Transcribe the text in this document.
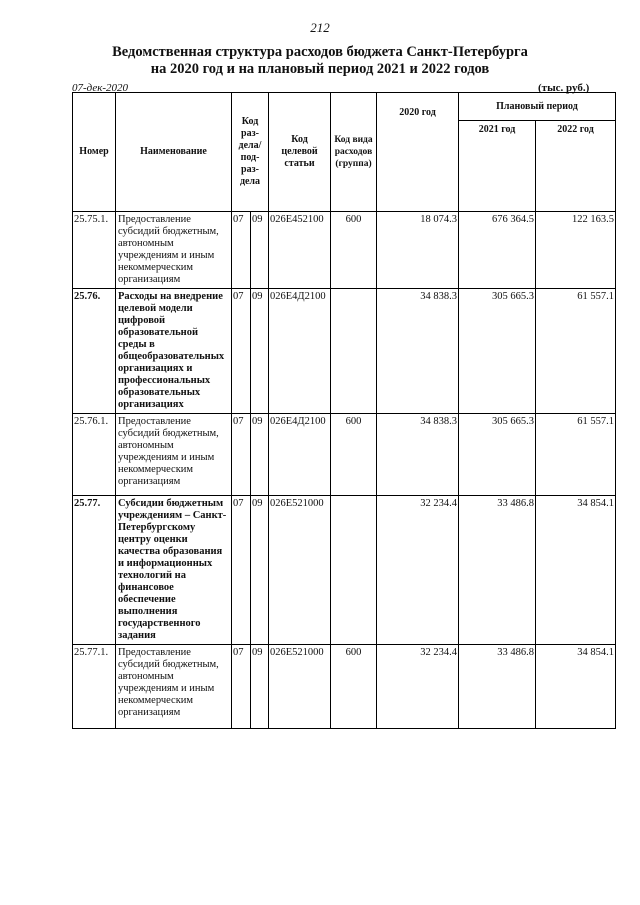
212
Ведомственная структура расходов бюджета Санкт-Петербурга
на 2020 год и на плановый период 2021 и 2022 годов
07-дек-2020	(тыс. руб.)
Номер	Наименование	Код раз-дела/ под-раз-дела		Код целевой статьи	Код вида расходов (группа)	2020 год	Плановый период	
							2021 год	2022 год
25.75.1.	Предоставление субсидий бюджетным, автономным учреждениям и иным некоммерческим организациям	07	09	026E452100	600	18 074.3	676 364.5	122 163.5
25.76.	Расходы на внедрение целевой модели цифровой образовательной среды в общеобразовательных организациях и профессиональных образовательных организациях	07	09	026E4Д2100		34 838.3	305 665.3	61 557.1
25.76.1.	Предоставление субсидий бюджетным, автономным учреждениям и иным некоммерческим организациям	07	09	026E4Д2100	600	34 838.3	305 665.3	61 557.1
25.77.	Субсидии бюджетным учреждениям – Санкт-Петербургскому центру оценки качества образования и информационных технологий на финансовое обеспечение выполнения государственного задания	07	09	026E521000		32 234.4	33 486.8	34 854.1
25.77.1.	Предоставление субсидий бюджетным, автономным учреждениям и иным некоммерческим организациям	07	09	026E521000	600	32 234.4	33 486.8	34 854.1
